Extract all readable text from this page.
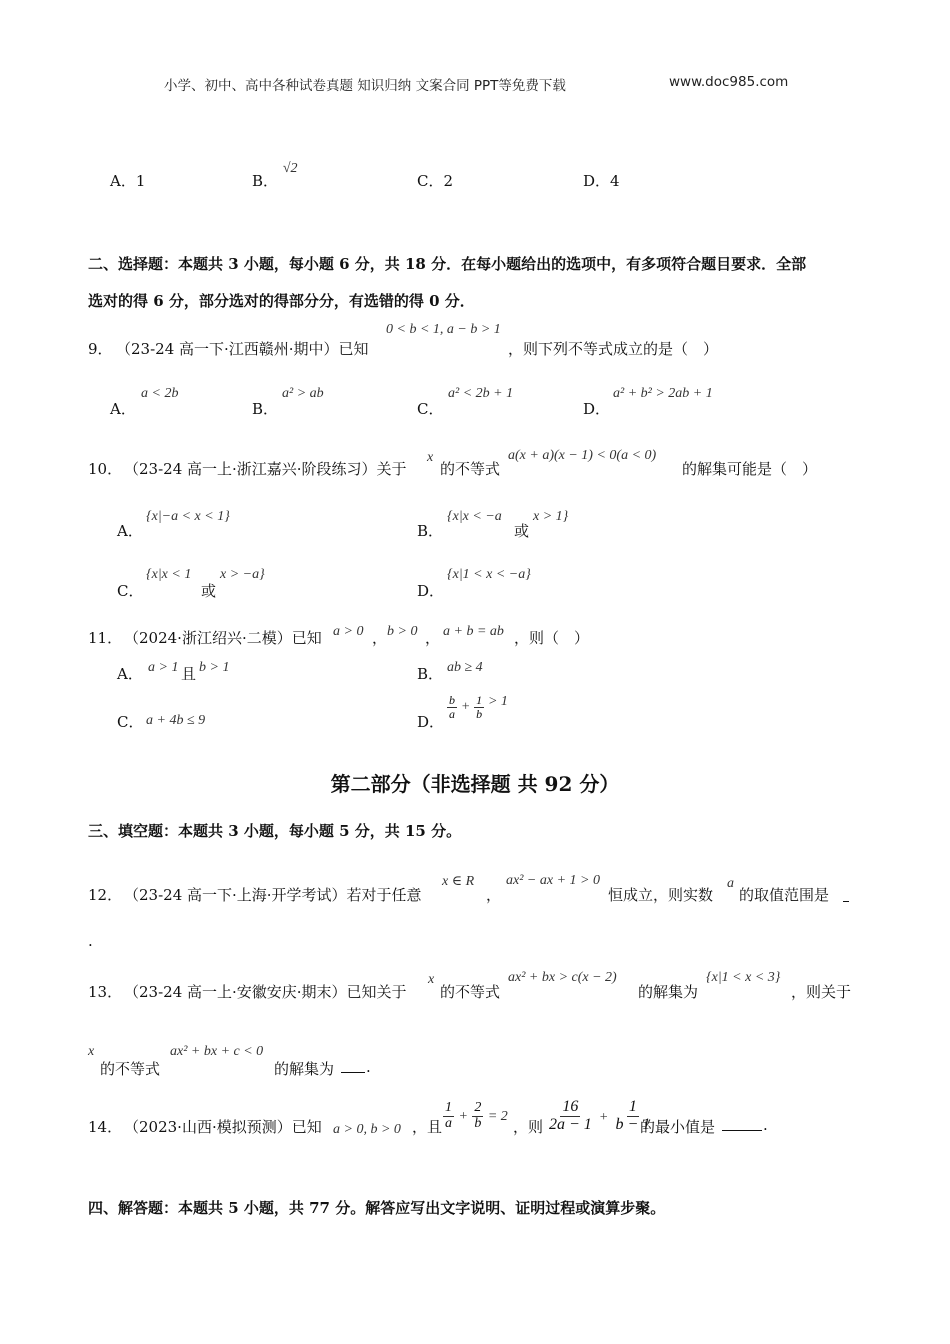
小学、初中、高中各种试卷真题 知识归纳 文案合同 PPT等免费下载	www.doc985.com
A．1	B． √2
C．2	D．4
二、选择题：本题共 3 小题，每小题 6 分，共 18 分．在每小题给出的选项中，有多项符合题目要求．全部
选对的得 6 分，部分选对的得部分分，有选错的得 0 分．
9． （23-24 高一下·江西赣州·期中）已知
0 < b < 1, a − b > 1
，则下列不等式成立的是（　）
A．
a < 2b
B．
a² > ab
C．
a² < 2b + 1
D．
a² + b² > 2ab + 1
10． （23-24 高一上·浙江嘉兴·阶段练习）关于
x
的不等式
a(x + a)(x − 1) < 0(a < 0)
的解集可能是（　）
A．
{x|−a < x < 1}
B．
{x|x < −a
或
x > 1}
C．
{x|x < 1
或
x > −a}
D．
{x|1 < x < −a}
11． （2024·浙江绍兴·二模）已知 a > 0 ， b > 0 ， a + b = ab ，则（　）
A． a > 1 且 b > 1	B． ab ≥ 4
C． a + 4b ≤ 9	D．
$\frac{b}{a} + \frac{1}{b} > 1$
第二部分（非选择题 共 92 分）
三、填空题：本题共 3 小题，每小题 5 分，共 15 分。
12． （23-24 高一下·上海·开学考试）若对于任意
x ∈ R
，
ax² − ax + 1 > 0
恒成立，则实数
a
的取值范围是
.
13． （23-24 高一上·安徽安庆·期末）已知关于
x
的不等式
ax² + bx > c(x − 2)
的解集为
{x|1 < x < 3}
，则关于
x
的不等式
ax² + bx + c < 0
的解集为 .
14． （2023·山西·模拟预测）已知 a > 0, b > 0 ，且 $\frac{1}{a} + \frac{2}{b} = 2$
，则 $\frac{16}{2a - 1} + \frac{1}{b - 1}$
的最小值是	.
四、解答题：本题共 5 小题，共 77 分。解答应写出文字说明、证明过程或演算步聚。
